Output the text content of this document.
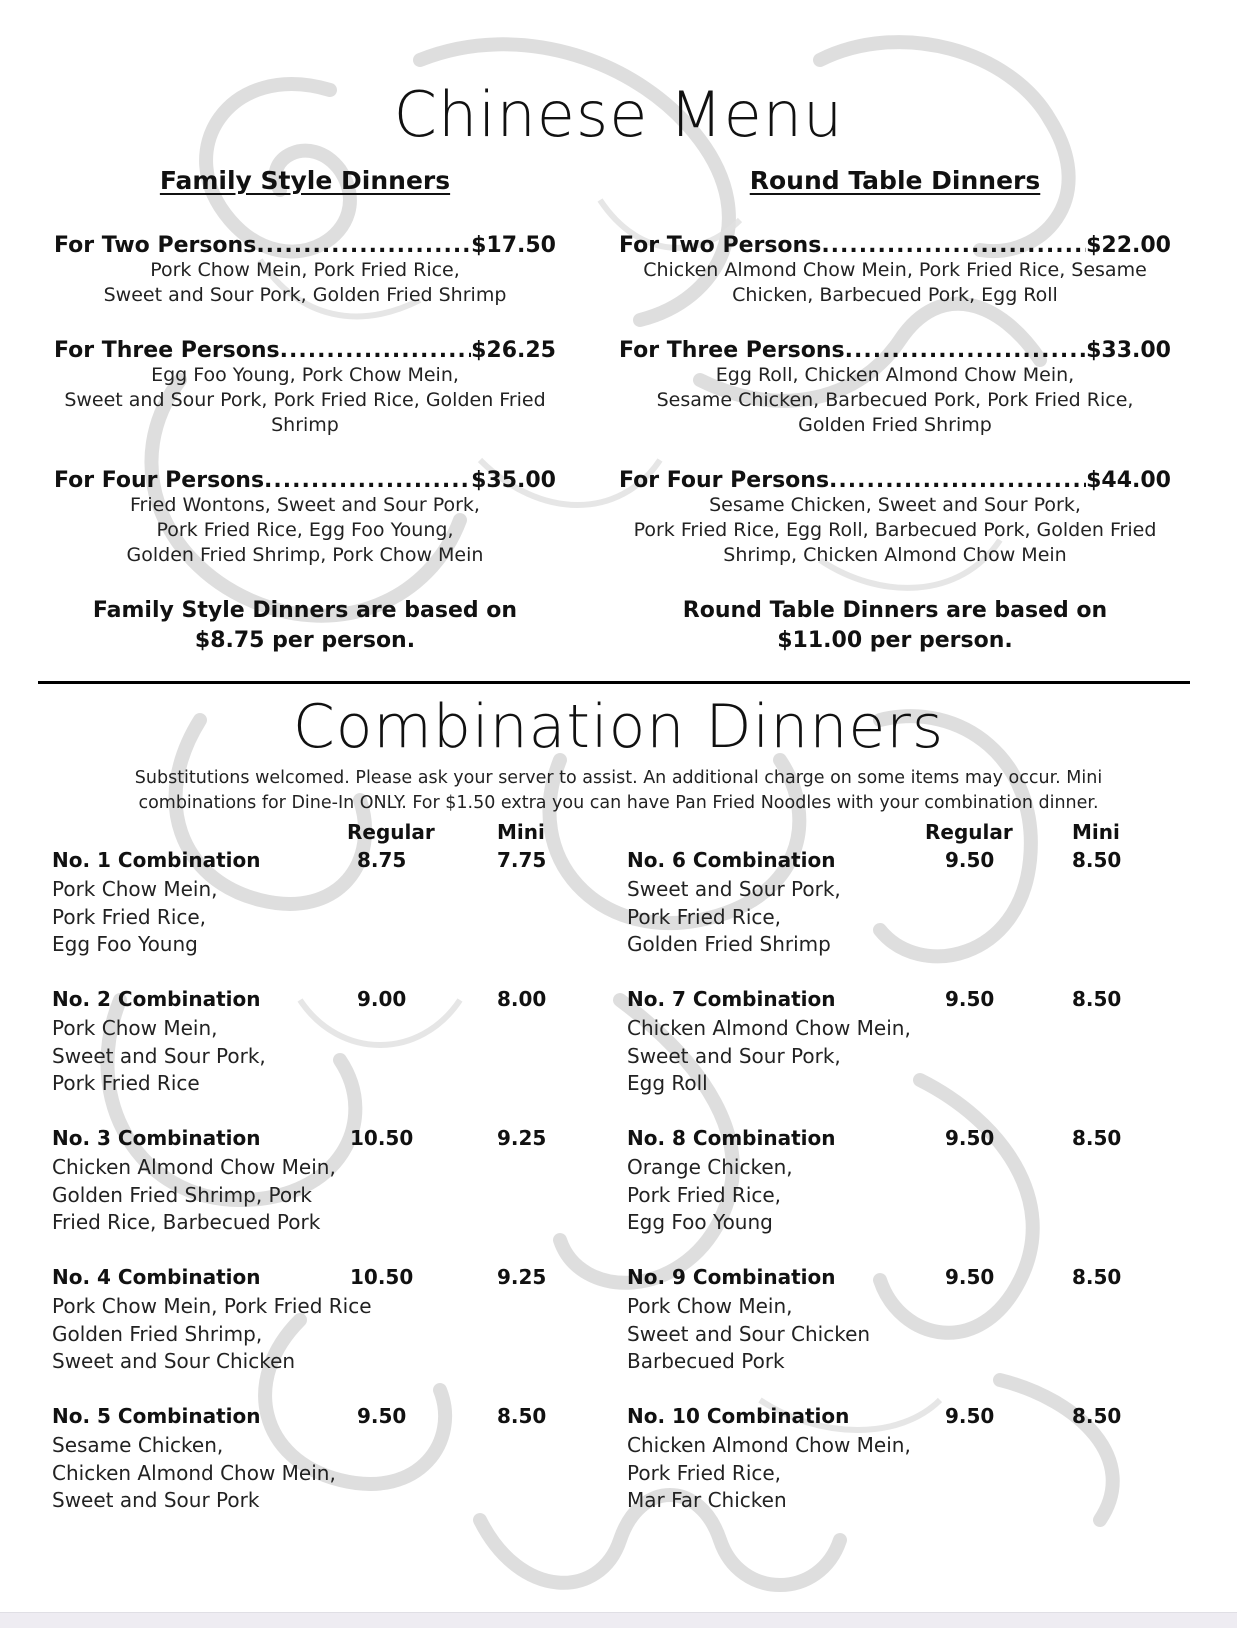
Chinese Menu
Family Style Dinners
For Two Persons .....	$17.50
Pork Chow Mein, Pork Fried Rice,
Sweet and Sour Pork, Golden Fried Shrimp
For Three Persons .....	$26.25
Egg Foo Young, Pork Chow Mein,
Sweet and Sour Pork, Pork Fried Rice, Golden Fried
Shrimp
For Four Persons .....	$35.00
Fried Wontons, Sweet and Sour Pork,
Pork Fried Rice, Egg Foo Young,
Golden Fried Shrimp, Pork Chow Mein
Family Style Dinners are based on
$8.75 per person.
Round Table Dinners
For Two Persons .....	$22.00
Chicken Almond Chow Mein, Pork Fried Rice, Sesame
Chicken, Barbecued Pork, Egg Roll
For Three Persons .....	$33.00
Egg Roll, Chicken Almond Chow Mein,
Sesame Chicken, Barbecued Pork, Pork Fried Rice,
Golden Fried Shrimp
For Four Persons .....	$44.00
Sesame Chicken, Sweet and Sour Pork,
Pork Fried Rice, Egg Roll, Barbecued Pork, Golden Fried
Shrimp, Chicken Almond Chow Mein
Round Table Dinners are based on
$11.00 per person.
Combination Dinners
Substitutions welcomed. Please ask your server to assist. An additional charge on some items may occur. Mini
combinations for Dine-In ONLY. For $1.50 extra you can have Pan Fried Noodles with your combination dinner.
Regular	Mini
No. 1 Combination	8.75	7.75
Pork Chow Mein,
Pork Fried Rice,
Egg Foo Young
No. 2 Combination	9.00	8.00
Pork Chow Mein,
Sweet and Sour Pork,
Pork Fried Rice
No. 3 Combination	10.50	9.25
Chicken Almond Chow Mein,
Golden Fried Shrimp, Pork
Fried Rice, Barbecued Pork
No. 4 Combination	10.50	9.25
Pork Chow Mein, Pork Fried Rice
Golden Fried Shrimp,
Sweet and Sour Chicken
No. 5 Combination	9.50	8.50
Sesame Chicken,
Chicken Almond Chow Mein,
Sweet and Sour Pork
Regular	Mini
No. 6 Combination	9.50	8.50
Sweet and Sour Pork,
Pork Fried Rice,
Golden Fried Shrimp
No. 7 Combination	9.50	8.50
Chicken Almond Chow Mein,
Sweet and Sour Pork,
Egg Roll
No. 8 Combination	9.50	8.50
Orange Chicken,
Pork Fried Rice,
Egg Foo Young
No. 9 Combination	9.50	8.50
Pork Chow Mein,
Sweet and Sour Chicken
Barbecued Pork
No. 10 Combination	9.50	8.50
Chicken Almond Chow Mein,
Pork Fried Rice,
Mar Far Chicken
